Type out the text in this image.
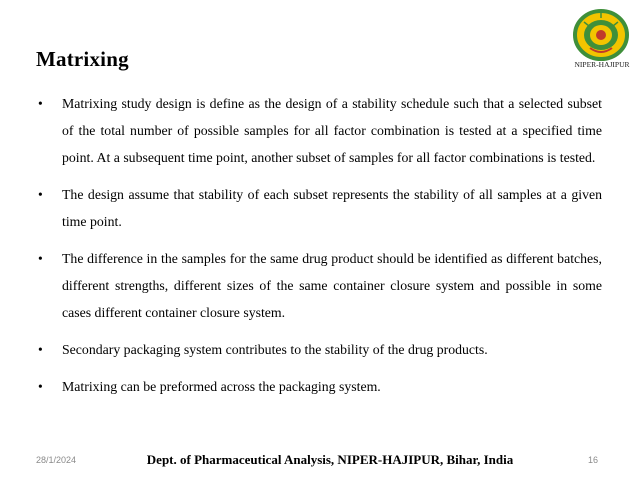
Matrixing	NIPER-HAJIPUR
• Matrixing study design is define as the design of a stability schedule such that a selected subset of the total number of possible samples for all factor combination is tested at a specified time point. At a subsequent time point, another subset of samples for all factor combinations is tested.
• The design assume that stability of each subset represents the stability of all samples at a given time point.
• The difference in the samples for the same drug product should be identified as different batches, different strengths, different sizes of the same container closure system and possible in some cases different container closure system.
• Secondary packaging system contributes to the stability of the drug products.
• Matrixing can be preformed across the packaging system.
28/1/2024	Dept. of Pharmaceutical Analysis, NIPER-HAJIPUR, Bihar, India	16
